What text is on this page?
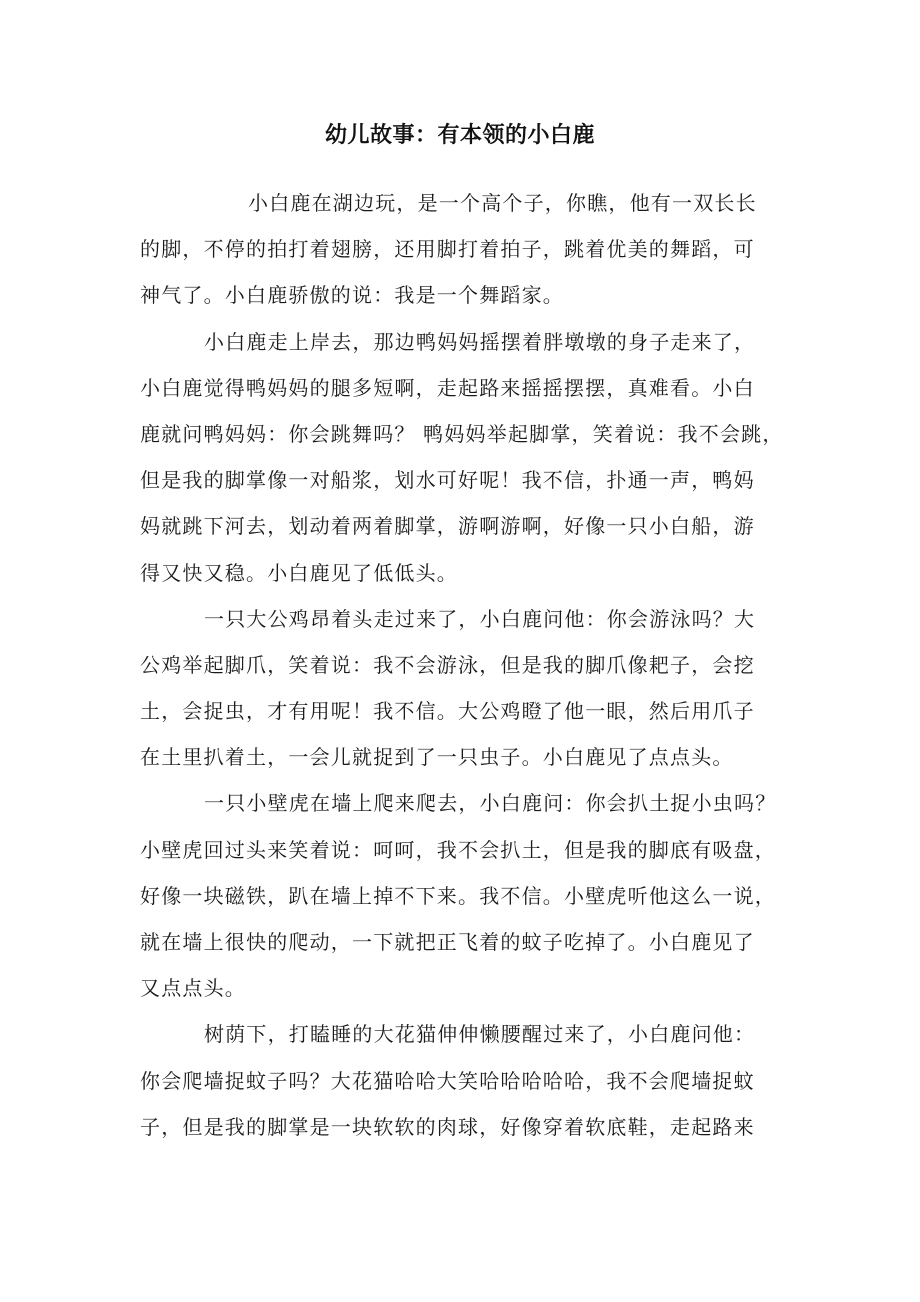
幼儿故事：有本领的小白鹿
小白鹿在湖边玩，是一个高个子，你瞧，他有一双长长
的脚，不停的拍打着翅膀，还用脚打着拍子，跳着优美的舞蹈，可
神气了。小白鹿骄傲的说：我是一个舞蹈家。
小白鹿走上岸去，那边鸭妈妈摇摆着胖墩墩的身子走来了，
小白鹿觉得鸭妈妈的腿多短啊，走起路来摇摇摆摆，真难看。小白
鹿就问鸭妈妈：你会跳舞吗？ 鸭妈妈举起脚掌，笑着说：我不会跳，
但是我的脚掌像一对船浆，划水可好呢！我不信，扑通一声，鸭妈
妈就跳下河去，划动着两着脚掌，游啊游啊，好像一只小白船，游
得又快又稳。小白鹿见了低低头。
一只大公鸡昂着头走过来了，小白鹿问他：你会游泳吗？大
公鸡举起脚爪，笑着说：我不会游泳，但是我的脚爪像耙子，会挖
土，会捉虫，才有用呢！我不信。大公鸡瞪了他一眼，然后用爪子
在土里扒着土，一会儿就捉到了一只虫子。小白鹿见了点点头。
一只小壁虎在墙上爬来爬去，小白鹿问：你会扒土捉小虫吗？
小壁虎回过头来笑着说：呵呵，我不会扒土，但是我的脚底有吸盘，
好像一块磁铁，趴在墙上掉不下来。我不信。小壁虎听他这么一说，
就在墙上很快的爬动，一下就把正飞着的蚊子吃掉了。小白鹿见了
又点点头。
树荫下，打瞌睡的大花猫伸伸懒腰醒过来了，小白鹿问他：
你会爬墙捉蚊子吗？大花猫哈哈大笑哈哈哈哈哈，我不会爬墙捉蚊
子，但是我的脚掌是一块软软的肉球，好像穿着软底鞋，走起路来
